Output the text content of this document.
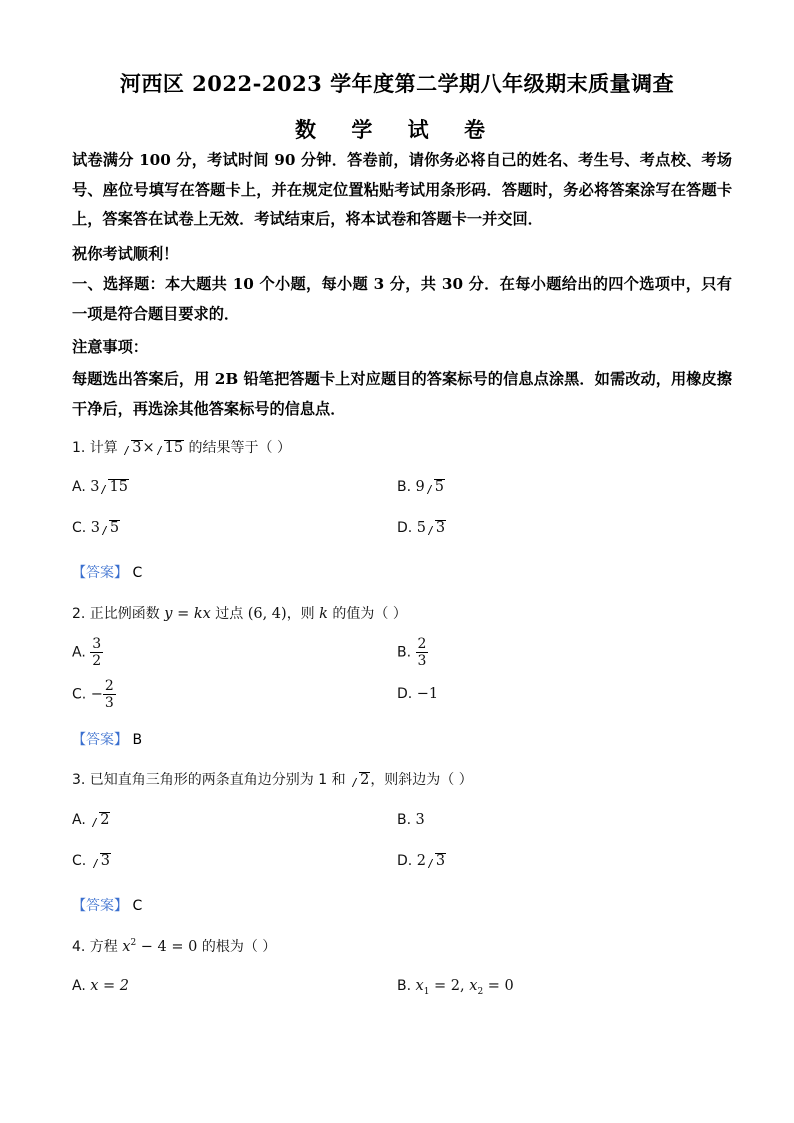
河西区 2022-2023 学年度第二学期八年级期末质量调查
数 学 试 卷
试卷满分 100 分，考试时间 90 分钟．答卷前，请你务必将自己的姓名、考生号、考点校、考场号、座位号填写在答题卡上，并在规定位置粘贴考试用条形码．答题时，务必将答案涂写在答题卡上，答案答在试卷上无效．考试结束后，将本试卷和答题卡一并交回．
祝你考试顺利！
一、选择题：本大题共 10 个小题，每小题 3 分，共 30 分．在每小题给出的四个选项中，只有一项是符合题目要求的．
注意事项：
每题选出答案后，用 2B 铅笔把答题卡上对应题目的答案标号的信息点涂黑．如需改动，用橡皮擦干净后，再选涂其他答案标号的信息点．
1. 计算 3× 15 的结果等于（ ）
A. 3 15	B. 9 5
C. 3 5	D. 5 3
【答案】 C
2. 正比例函数 y = kx 过点 (6, 4)，则 k 的值为（ ）
A. $\frac{3}{2}$	B. $\frac{2}{3}$
C. − $\frac{2}{3}$	D. −1
【答案】 B
3. 已知直角三角形的两条直角边分别为 1 和 2，则斜边为（ ）
A. 2	B. 3
C. 3	D. 2 3
【答案】 C
4. 方程 $x^2 - 4 = 0$ 的根为（ ）
A. x = 2	B. $x_1 = 2$, $x_2 = 0$
